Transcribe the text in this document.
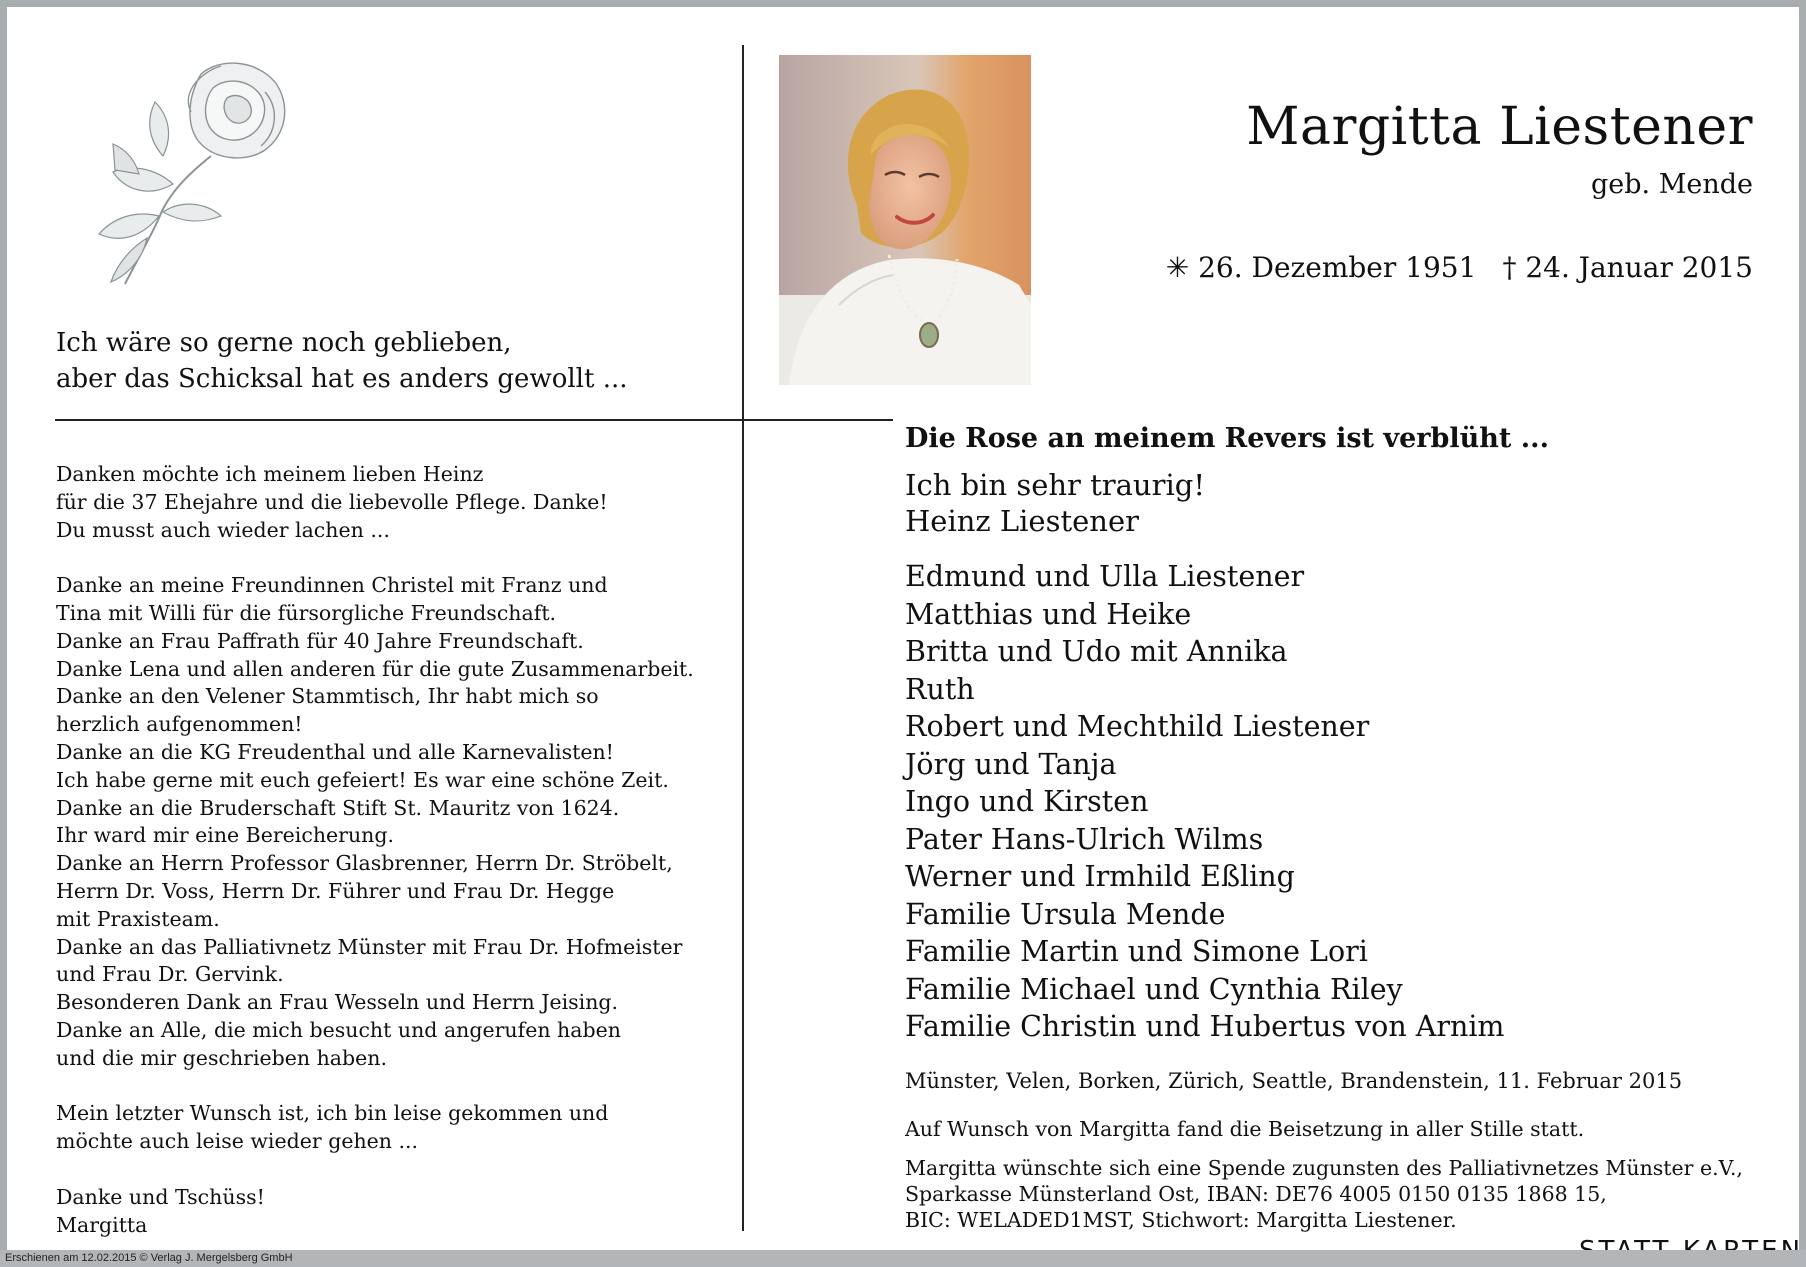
Ich wäre so gerne noch geblieben,
aber das Schicksal hat es anders gewollt ...
Danken möchte ich meinem lieben Heinz
für die 37 Ehejahre und die liebevolle Pflege. Danke!
Du musst auch wieder lachen ...
Danke an meine Freundinnen Christel mit Franz und
Tina mit Willi für die fürsorgliche Freundschaft.
Danke an Frau Paffrath für 40 Jahre Freundschaft.
Danke Lena und allen anderen für die gute Zusammenarbeit.
Danke an den Velener Stammtisch, Ihr habt mich so
herzlich aufgenommen!
Danke an die KG Freudenthal und alle Karnevalisten!
Ich habe gerne mit euch gefeiert! Es war eine schöne Zeit.
Danke an die Bruderschaft Stift St. Mauritz von 1624.
Ihr ward mir eine Bereicherung.
Danke an Herrn Professor Glasbrenner, Herrn Dr. Ströbelt,
Herrn Dr. Voss, Herrn Dr. Führer und Frau Dr. Hegge
mit Praxisteam.
Danke an das Palliativnetz Münster mit Frau Dr. Hofmeister
und Frau Dr. Gervink.
Besonderen Dank an Frau Wesseln und Herrn Jeising.
Danke an Alle, die mich besucht und angerufen haben
und die mir geschrieben haben.
Mein letzter Wunsch ist, ich bin leise gekommen und
möchte auch leise wieder gehen ...
Danke und Tschüss!
Margitta
Margitta Liestener
geb. Mende
✳ 26. Dezember 1951 † 24. Januar 2015
Die Rose an meinem Revers ist verblüht ...
Ich bin sehr traurig!
Heinz Liestener
Edmund und Ulla Liestener
Matthias und Heike
Britta und Udo mit Annika
Ruth
Robert und Mechthild Liestener
Jörg und Tanja
Ingo und Kirsten
Pater Hans-Ulrich Wilms
Werner und Irmhild Eßling
Familie Ursula Mende
Familie Martin und Simone Lori
Familie Michael und Cynthia Riley
Familie Christin und Hubertus von Arnim
Münster, Velen, Borken, Zürich, Seattle, Brandenstein, 11. Februar 2015
Auf Wunsch von Margitta fand die Beisetzung in aller Stille statt.
Margitta wünschte sich eine Spende zugunsten des Palliativnetzes Münster e.V.,
Sparkasse Münsterland Ost, IBAN: DE76 4005 0150 0135 1868 15,
BIC: WELADED1MST, Stichwort: Margitta Liestener.
Erschienen am 12.02.2015 © Verlag J. Mergelsberg GmbH
